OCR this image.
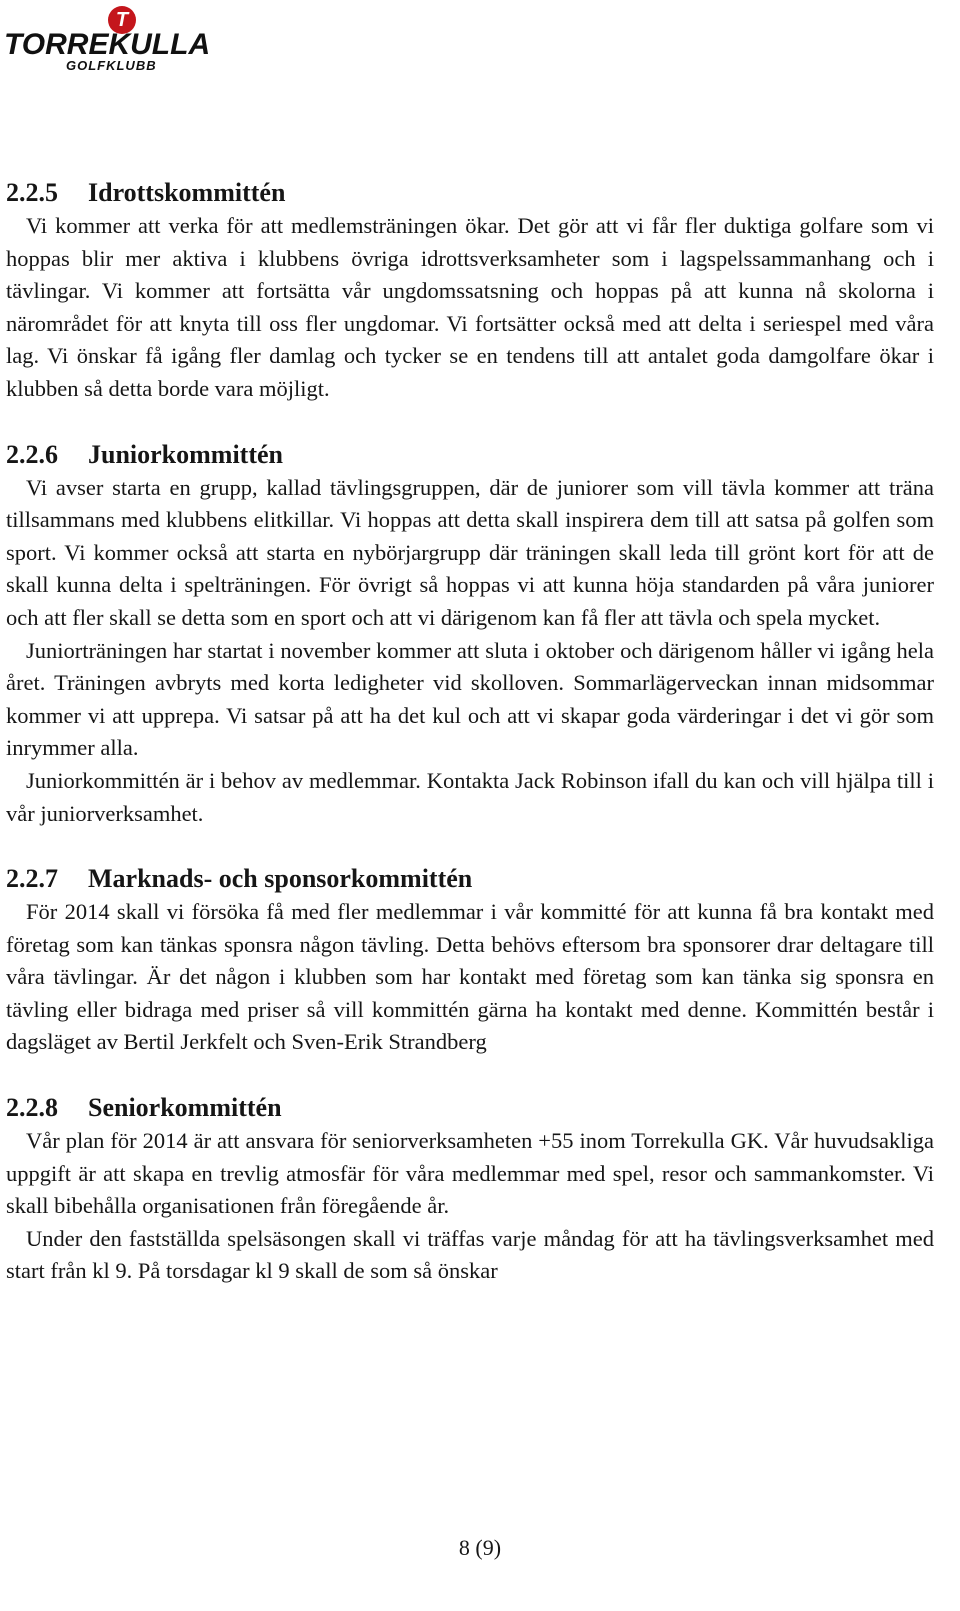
T
TORREKULLA
GOLFKLUBB
2.2.5 Idrottskommittén

Vi kommer att verka för att medlemsträningen ökar. Det gör att vi får fler duktiga golfare som vi hoppas blir mer aktiva i klubbens övriga idrottsverksamheter som i lagspelssammanhang och i tävlingar. Vi kommer att fortsätta vår ungdomssatsning och hoppas på att kunna nå skolorna i närområdet för att knyta till oss fler ungdomar. Vi fortsätter också med att delta i seriespel med våra lag. Vi önskar få igång fler damlag och tycker se en tendens till att antalet goda damgolfare ökar i klubben så detta borde vara möjligt.

2.2.6 Juniorkommittén

Vi avser starta en grupp, kallad tävlingsgruppen, där de juniorer som vill tävla kommer att träna tillsammans med klubbens elitkillar. Vi hoppas att detta skall inspirera dem till att satsa på golfen som sport. Vi kommer också att starta en nybörjargrupp där träningen skall leda till grönt kort för att de skall kunna delta i spelträningen. För övrigt så hoppas vi att kunna höja standarden på våra juniorer och att fler skall se detta som en sport och att vi därigenom kan få fler att tävla och spela mycket.

Juniorträningen har startat i november kommer att sluta i oktober och därigenom håller vi igång hela året. Träningen avbryts med korta ledigheter vid skolloven. Sommarlägerveckan innan midsommar kommer vi att upprepa. Vi satsar på att ha det kul och att vi skapar goda värderingar i det vi gör som inrymmer alla.

Juniorkommittén är i behov av medlemmar. Kontakta Jack Robinson ifall du kan och vill hjälpa till i vår juniorverksamhet.

2.2.7 Marknads- och sponsorkommittén

För 2014 skall vi försöka få med fler medlemmar i vår kommitté för att kunna få bra kontakt med företag som kan tänkas sponsra någon tävling. Detta behövs eftersom bra sponsorer drar deltagare till våra tävlingar. Är det någon i klubben som har kontakt med företag som kan tänka sig sponsra en tävling eller bidraga med priser så vill kommittén gärna ha kontakt med denne. Kommittén består i dagsläget av Bertil Jerkfelt och Sven-Erik Strandberg

2.2.8 Seniorkommittén

Vår plan för 2014 är att ansvara för seniorverksamheten +55 inom Torrekulla GK. Vår huvudsakliga uppgift är att skapa en trevlig atmosfär för våra medlemmar med spel, resor och sammankomster. Vi skall bibehålla organisationen från föregående år.

Under den fastställda spelsäsongen skall vi träffas varje måndag för att ha tävlingsverksamhet med start från kl 9. På torsdagar kl 9 skall de som så önskar

8 (9)
